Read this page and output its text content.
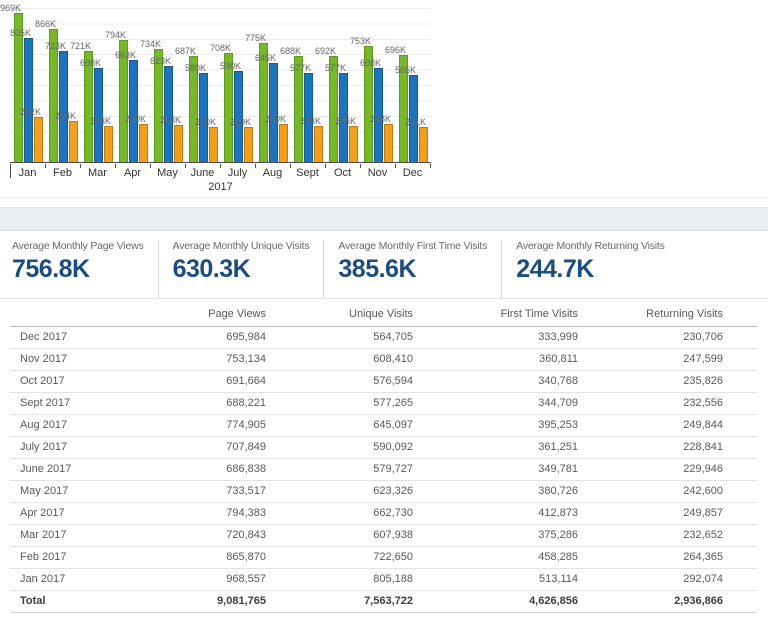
969K
805K
292K
866K
723K
264K
721K
608K
233K
794K
663K
250K
734K
623K
243K
687K
580K
230K
708K
590K
229K
775K
645K
250K
688K
577K
233K
692K
577K
236K
753K
608K
248K
696K
565K
231K
2017
Jan	Feb	Mar	Apr	May	June	July	Aug	Sept	Oct	Nov	Dec
Average Monthly Page Views
756.8K
Average Monthly Unique Visits
630.3K
Average Monthly First Time Visits
385.6K
Average Monthly Returning Visits
244.7K
	Page Views	Unique Visits	First Time Visits	Returning Visits	
Dec 2017	695,984	564,705	333,999	230,706	
Nov 2017	753,134	608,410	360,811	247,599	
Oct 2017	691,664	576,594	340,768	235,826	
Sept 2017	688,221	577,265	344,709	232,556	
Aug 2017	774,905	645,097	395,253	249,844	
July 2017	707,849	590,092	361,251	228,841	
June 2017	686,838	579,727	349,781	229,946	
May 2017	733,517	623,326	380,726	242,600	
Apr 2017	794,383	662,730	412,873	249,857	
Mar 2017	720,843	607,938	375,286	232,652	
Feb 2017	865,870	722,650	458,285	264,365	
Jan 2017	968,557	805,188	513,114	292,074	
Total	9,081,765	7,563,722	4,626,856	2,936,866	
